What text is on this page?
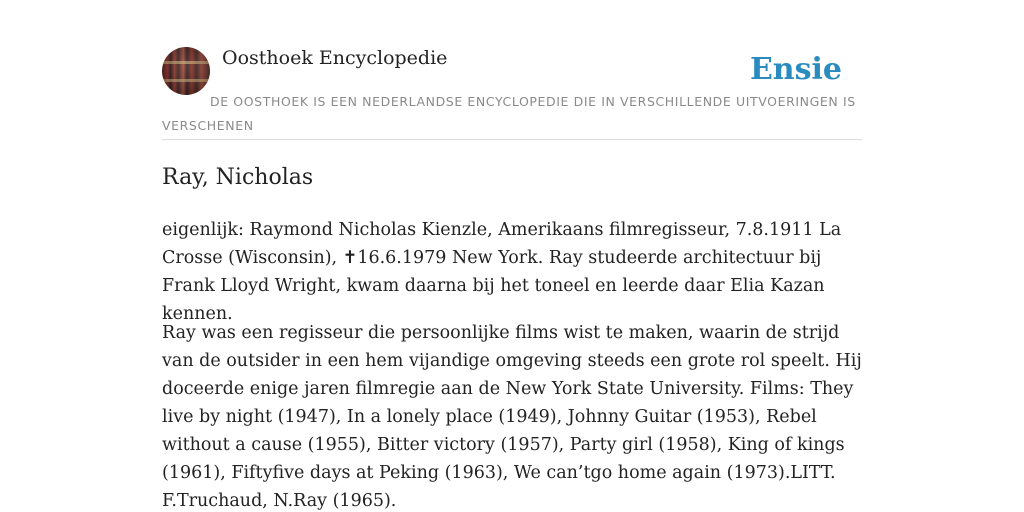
Oosthoek Encyclopedie	Ensie
DE OOSTHOEK IS EEN NEDERLANDSE ENCYCLOPEDIE DIE IN VERSCHILLENDE UITVOERINGEN IS VERSCHENEN
Ray, Nicholas

eigenlijk: Raymond Nicholas Kienzle, Amerikaans filmregisseur, 7.8.1911 La Crosse (Wisconsin), ✝16.6.1979 New York. Ray studeerde architectuur bij Frank Lloyd Wright, kwam daarna bij het toneel en leerde daar Elia Kazan kennen.

Ray was een regisseur die persoonlijke films wist te maken, waarin de strijd van de outsider in een hem vijandige omgeving steeds een grote rol speelt. Hij doceerde enige jaren filmregie aan de New York State University. Films: They live by night (1947), In a lonely place (1949), Johnny Guitar (1953), Rebel without a cause (1955), Bitter victory (1957), Party girl (1958), King of kings (1961), Fiftyfive days at Peking (1963), We can’tgo home again (1973).LITT. F.Truchaud, N.Ray (1965).
